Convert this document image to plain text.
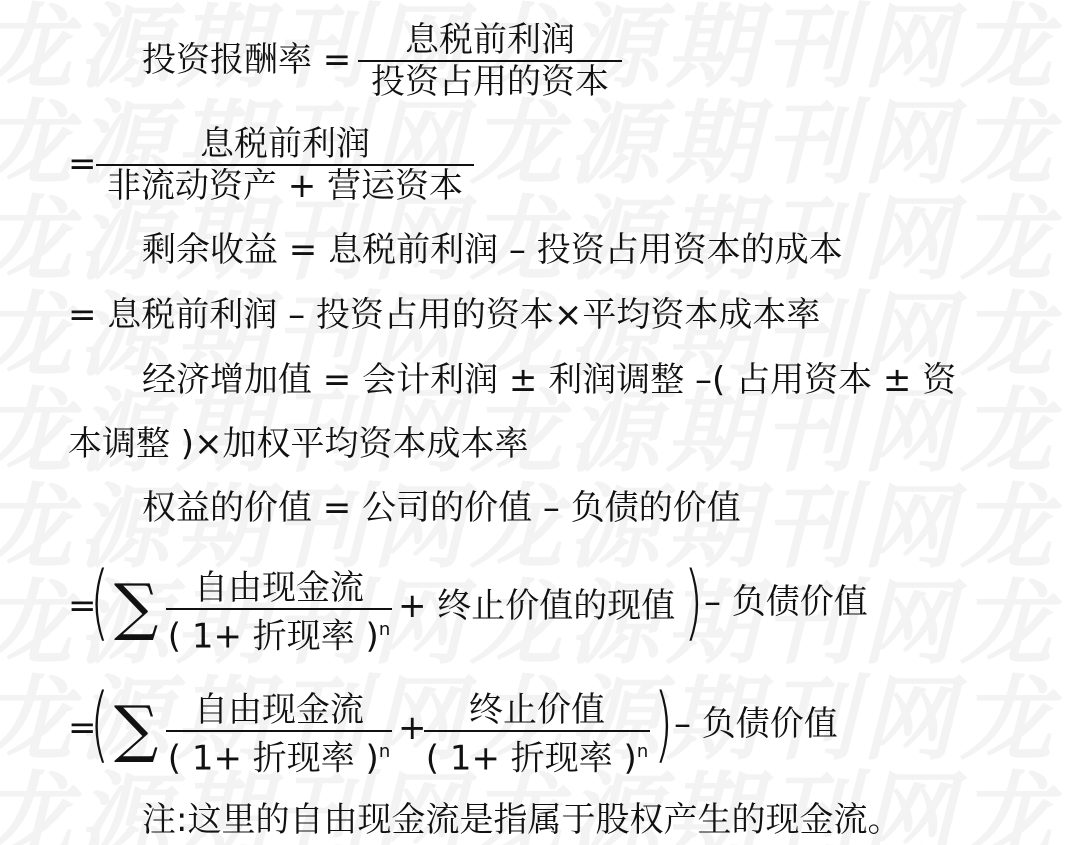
投资报酬率 =	息税前利润
投资占用的资本
=	息税前利润
非流动资产 + 营运资本
剩余收益 = 息税前利润 – 投资占用资本的成本
= 息税前利润 – 投资占用的资本×平均资本成本率
经济增加值 = 会计利润 ± 利润调整 –( 占用资本 ± 资
本调整 )×加权平均资本成本率
权益的价值 = 公司的价值 – 负债的价值
=
( ∑	自由现金流
( 1+ 折现率 )$^n$
+ 终止价值的现值 ) – 负债价值
=
( ∑	自由现金流
( 1+ 折现率 )$^n$
+	终止价值
( 1+ 折现率 )$^n$ ) – 负债价值
注:这里的自由现金流是指属于股权产生的现金流。
